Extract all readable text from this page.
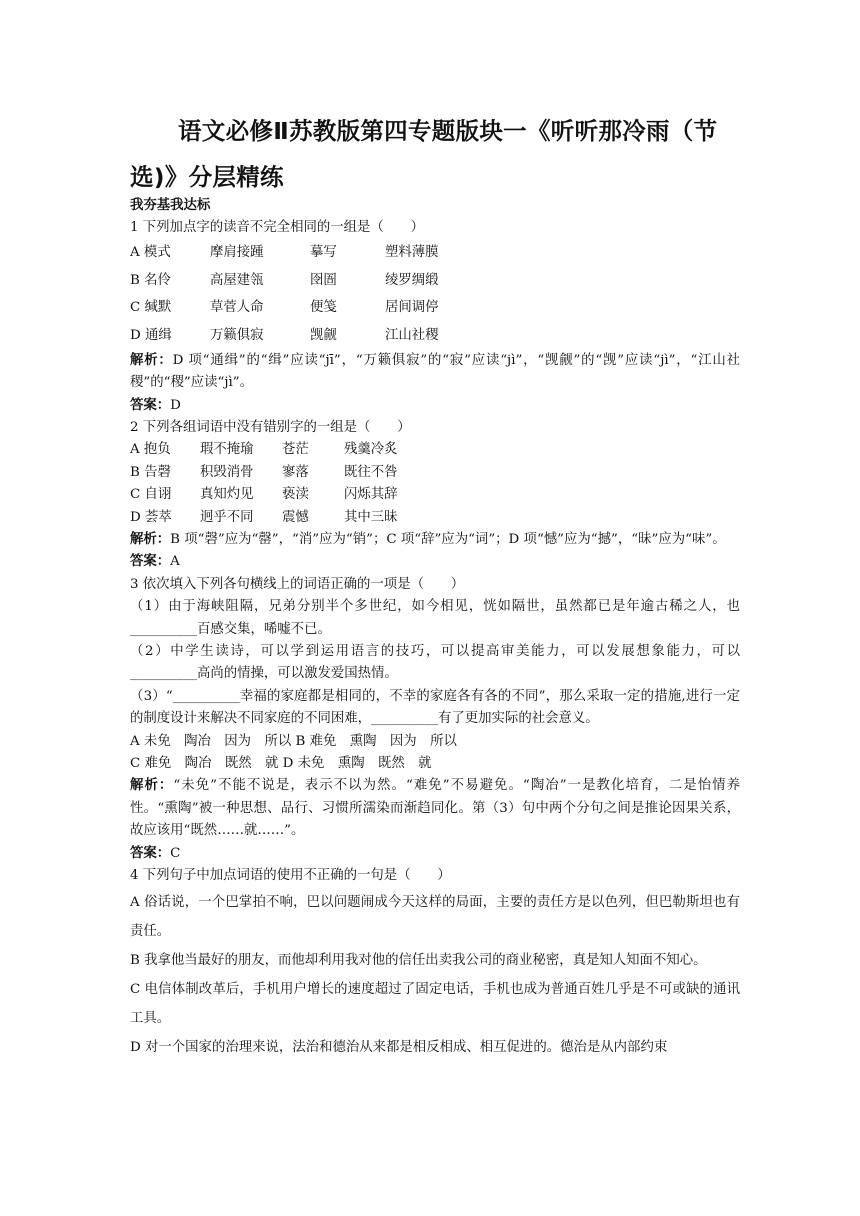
语文必修Ⅱ苏教版第四专题版块一《听听那冷雨（节选)》分层精练
我夯基我达标

1 下列加点字的读音不完全相同的一组是（　　）

A 模式	摩肩接踵	摹写	塑料薄膜
B 名伶	高屋建瓴	囹圄	绫罗绸缎
C 缄默	草菅人命	便笺	居间调停
D 通缉	万籁俱寂	觊觎	江山社稷

解析：D 项“通缉”的“缉”应读“jī”，“万籁俱寂”的“寂”应读“jì”，“觊觎”的“觊”应读“jì”，“江山社稷”的“稷”应读“jì”。

答案：D

2 下列各组词语中没有错别字的一组是（　　）

A 抱负	瑕不掩瑜	苍茫	残羹冷炙
B 告磬	积毁消骨	寥落	既往不咎
C 自诩	真知灼见	亵渎	闪烁其辞
D 荟萃	迥乎不同	震憾	其中三昧

解析：B 项“磬”应为“罄”，“消”应为“销”；C 项“辞”应为“词”；D 项“憾”应为“撼”，“昧”应为“味”。

答案：A

3 依次填入下列各句横线上的词语正确的一项是（　　）

（1）由于海峡阻隔，兄弟分别半个多世纪，如今相见，恍如隔世，虽然都已是年逾古稀之人，也__________百感交集，唏嘘不已。

（2）中学生读诗，可以学到运用语言的技巧，可以提高审美能力，可以发展想象能力，可以__________高尚的情操，可以激发爱国热情。

（3）“__________幸福的家庭都是相同的，不幸的家庭各有各的不同”，那么采取一定的措施,进行一定的制度设计来解决不同家庭的不同困难，__________有了更加实际的社会意义。

A 未免　陶冶　因为　所以 B 难免　熏陶　因为　所以

C 难免　陶冶　既然　就 D 未免　熏陶　既然　就

解析：“未免”不能不说是，表示不以为然。“难免”不易避免。“陶冶”一是教化培育，二是怡情养性。“熏陶”被一种思想、品行、习惯所濡染而渐趋同化。第（3）句中两个分句之间是推论因果关系，故应该用“既然……就……”。

答案：C

4 下列句子中加点词语的使用不正确的一句是（　　）

A 俗话说，一个巴掌拍不响，巴以问题闹成今天这样的局面，主要的责任方是以色列，但巴勒斯坦也有责任。

B 我拿他当最好的朋友，而他却利用我对他的信任出卖我公司的商业秘密，真是知人知面不知心。

C 电信体制改革后，手机用户增长的速度超过了固定电话，手机也成为普通百姓几乎是不可或缺的通讯工具。

D 对一个国家的治理来说，法治和德治从来都是相反相成、相互促进的。德治是从内部约束
